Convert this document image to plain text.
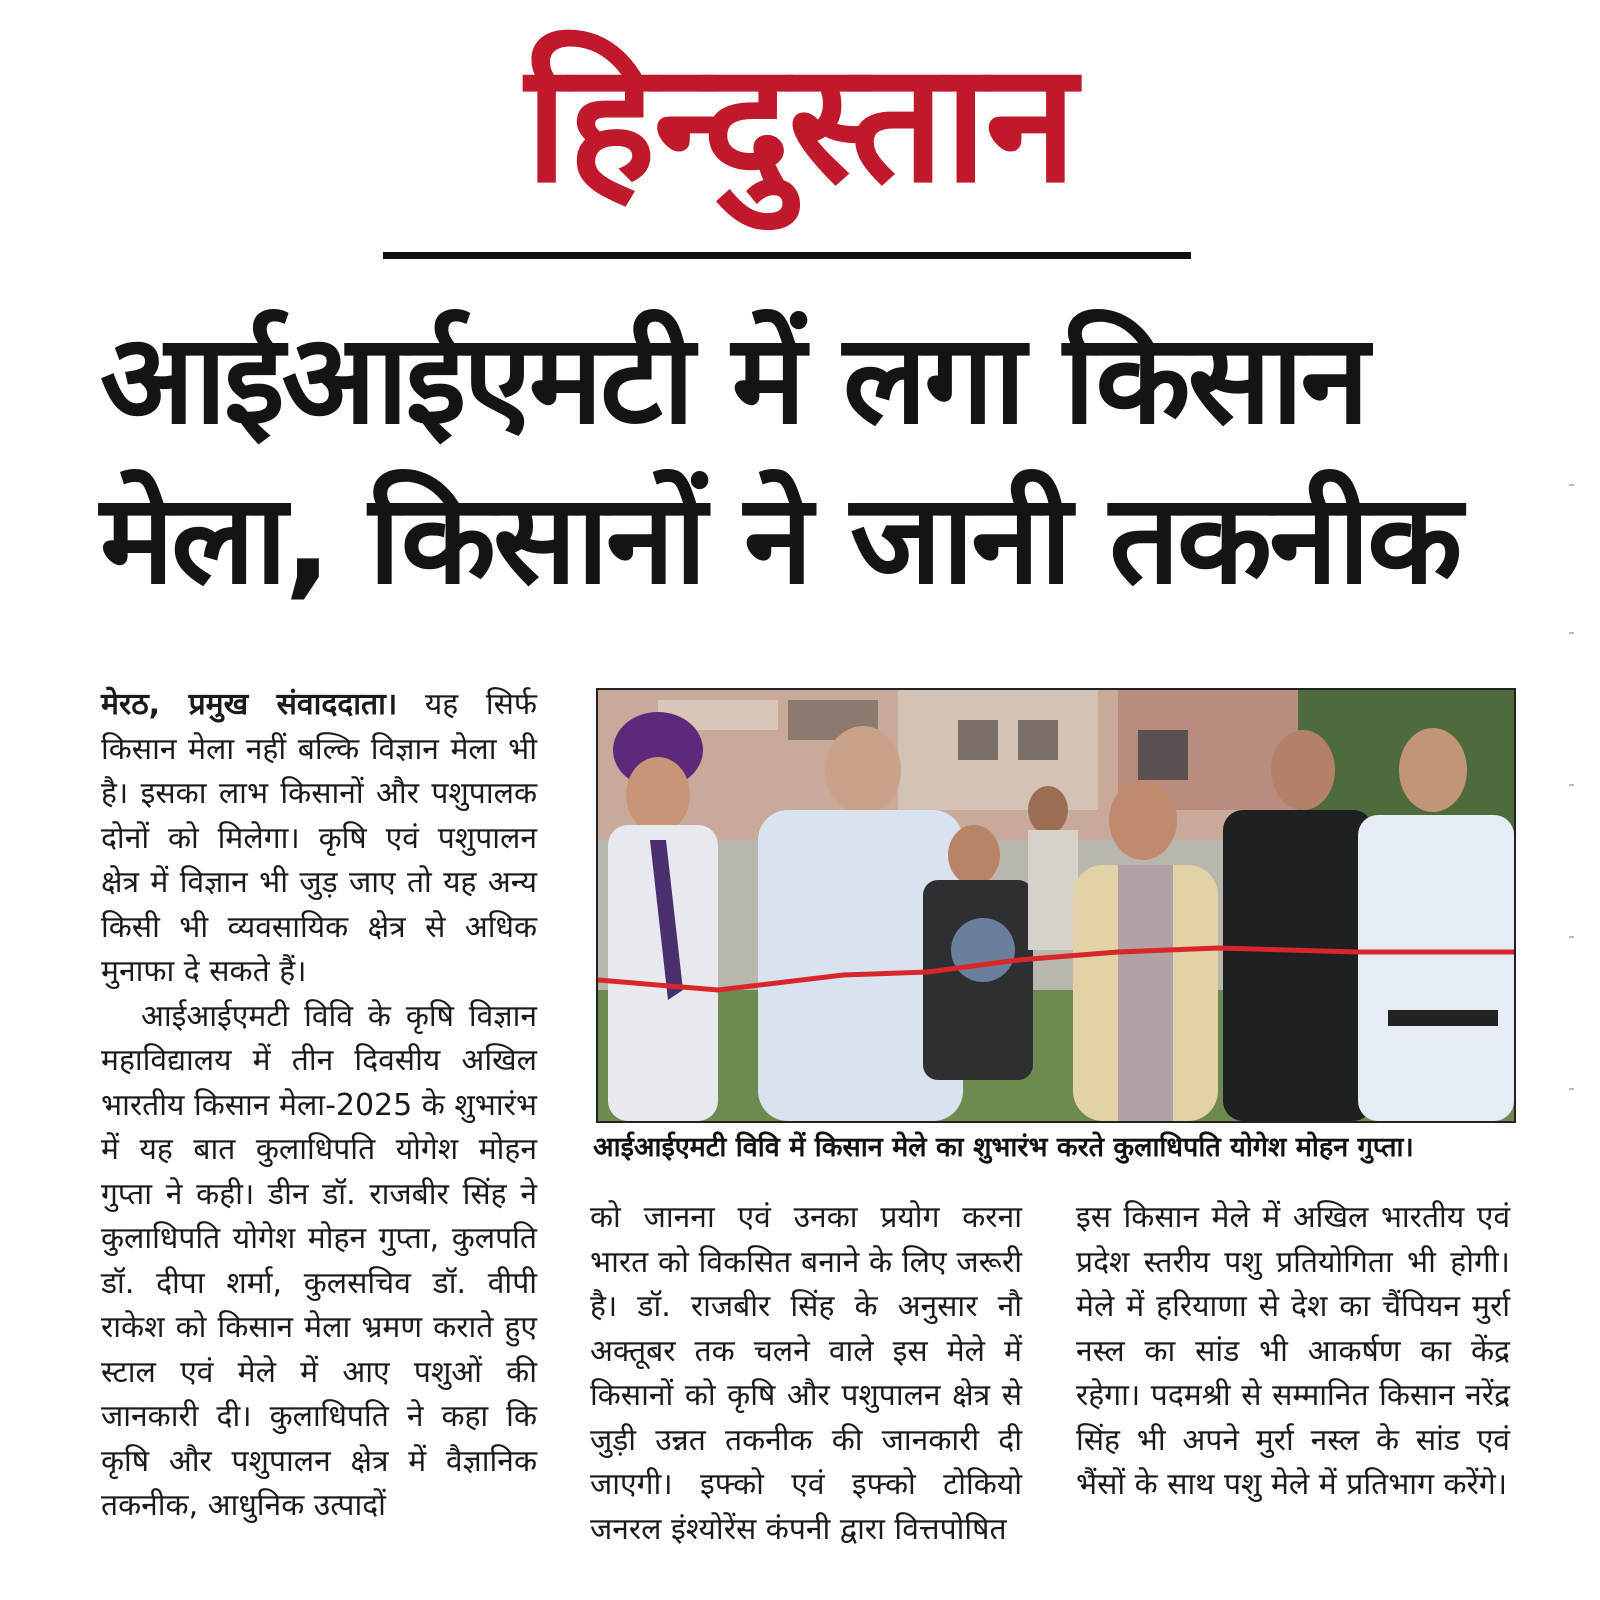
हिन्दुस्तान
आईआईएमटी में लगा किसान
मेला, किसानों ने जानी तकनीक

मेरठ, प्रमुख संवाददाता। यह सिर्फ किसान मेला नहीं बल्कि विज्ञान मेला भी है। इसका लाभ किसानों और पशुपालक दोनों को मिलेगा। कृषि एवं पशुपालन क्षेत्र में विज्ञान भी जुड़ जाए तो यह अन्य किसी भी व्यवसायिक क्षेत्र से अधिक मुनाफा दे सकते हैं।

आईआईएमटी विवि के कृषि विज्ञान महाविद्यालय में तीन दिवसीय अखिल भारतीय किसान मेला-2025 के शुभारंभ में यह बात कुलाधिपति योगेश मोहन गुप्ता ने कही। डीन डॉ. राजबीर सिंह ने कुलाधिपति योगेश मोहन गुप्ता, कुलपति डॉ. दीपा शर्मा, कुलसचिव डॉ. वीपी राकेश को किसान मेला भ्रमण कराते हुए स्टाल एवं मेले में आए पशुओं की जानकारी दी। कुलाधिपति ने कहा कि कृषि और पशुपालन क्षेत्र में वैज्ञानिक तकनीक, आधुनिक उत्पादों

आईआईएमटी विवि में किसान मेले का शुभारंभ करते कुलाधिपति योगेश मोहन गुप्ता।

को जानना एवं उनका प्रयोग करना भारत को विकसित बनाने के लिए जरूरी है। डॉ. राजबीर सिंह के अनुसार नौ अक्तूबर तक चलने वाले इस मेले में किसानों को कृषि और पशुपालन क्षेत्र से जुड़ी उन्नत तकनीक की जानकारी दी जाएगी। इफ्को एवं इफ्को टोकियो जनरल इंश्योरेंस कंपनी द्वारा वित्तपोषित

इस किसान मेले में अखिल भारतीय एवं प्रदेश स्तरीय पशु प्रतियोगिता भी होगी। मेले में हरियाणा से देश का चैंपियन मुर्रा नस्ल का सांड भी आकर्षण का केंद्र रहेगा। पदमश्री से सम्मानित किसान नरेंद्र सिंह भी अपने मुर्रा नस्ल के सांड एवं भैंसों के साथ पशु मेले में प्रतिभाग करेंगे।
